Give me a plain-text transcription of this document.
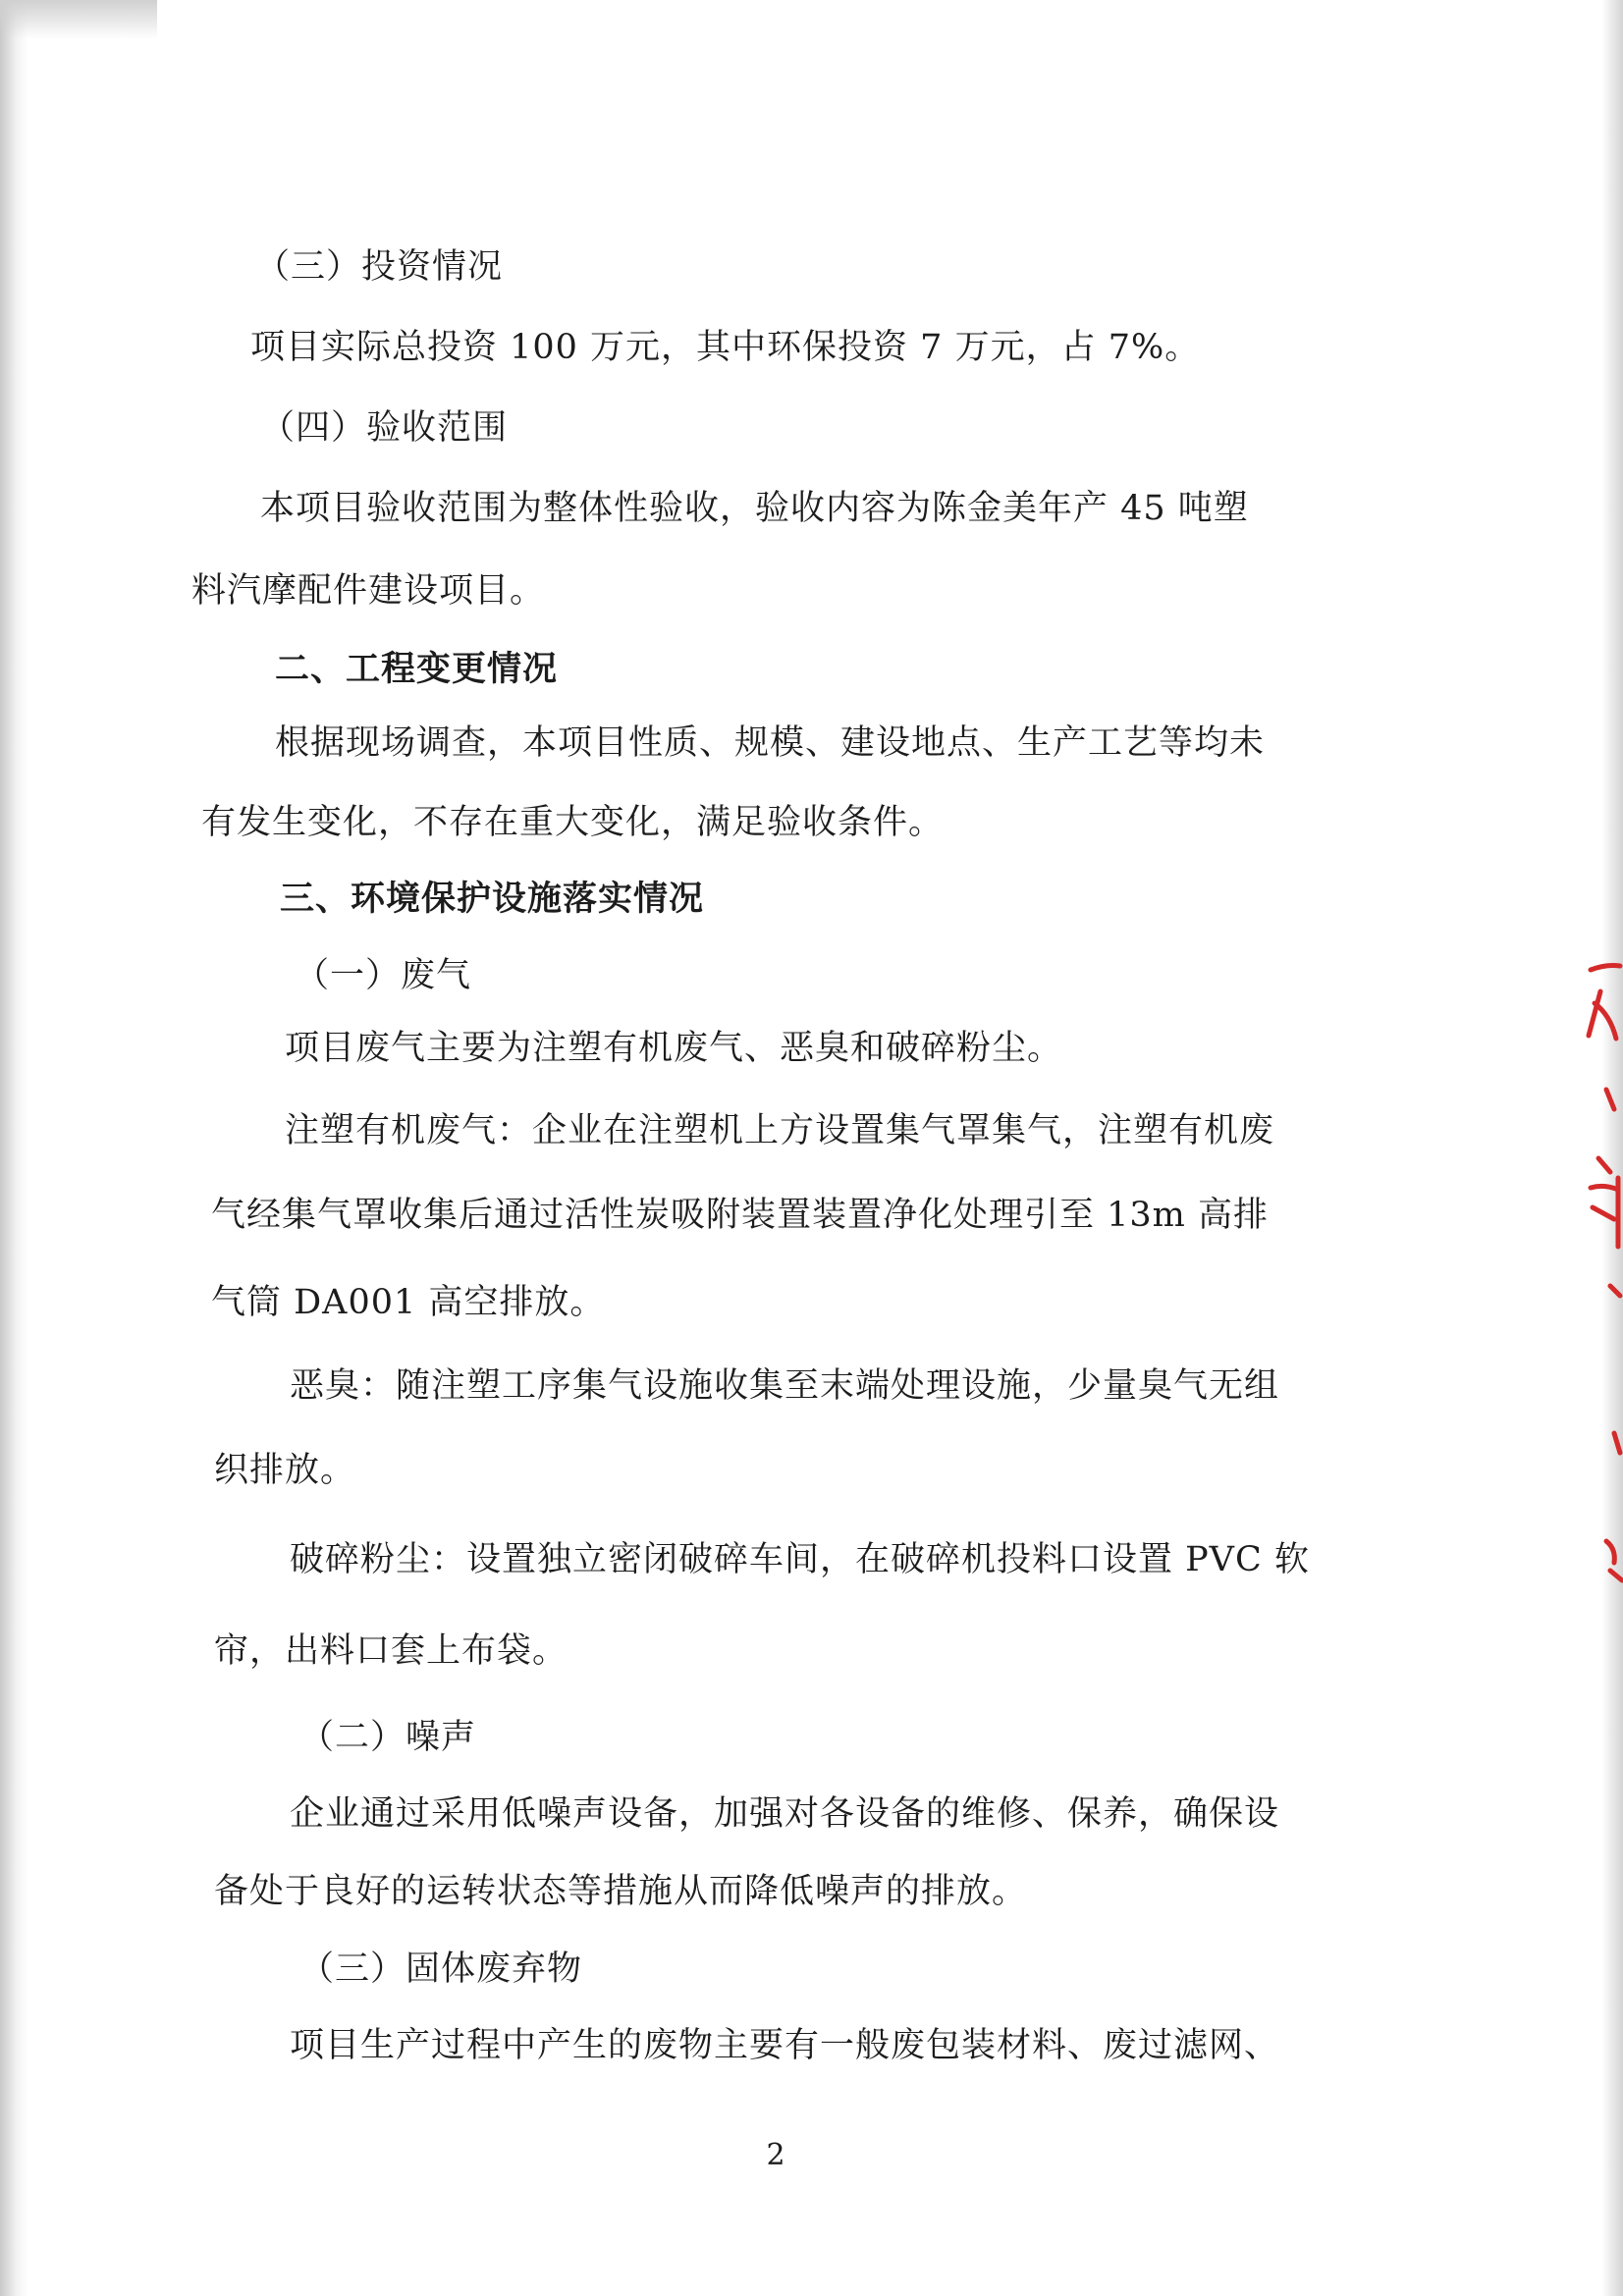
（三）投资情况

项目实际总投资 100 万元，其中环保投资 7 万元，占 7%。

（四）验收范围

本项目验收范围为整体性验收，验收内容为陈金美年产 45 吨塑

料汽摩配件建设项目。

二、工程变更情况

根据现场调查，本项目性质、规模、建设地点、生产工艺等均未

有发生变化，不存在重大变化，满足验收条件。

三、环境保护设施落实情况

（一）废气

项目废气主要为注塑有机废气、恶臭和破碎粉尘。

注塑有机废气：企业在注塑机上方设置集气罩集气，注塑有机废

气经集气罩收集后通过活性炭吸附装置装置净化处理引至 13m 高排

气筒 DA001 高空排放。

恶臭：随注塑工序集气设施收集至末端处理设施，少量臭气无组

织排放。

破碎粉尘：设置独立密闭破碎车间，在破碎机投料口设置 PVC 软

帘，出料口套上布袋。

（二）噪声

企业通过采用低噪声设备，加强对各设备的维修、保养，确保设

备处于良好的运转状态等措施从而降低噪声的排放。

（三）固体废弃物

项目生产过程中产生的废物主要有一般废包装材料、废过滤网、

2
